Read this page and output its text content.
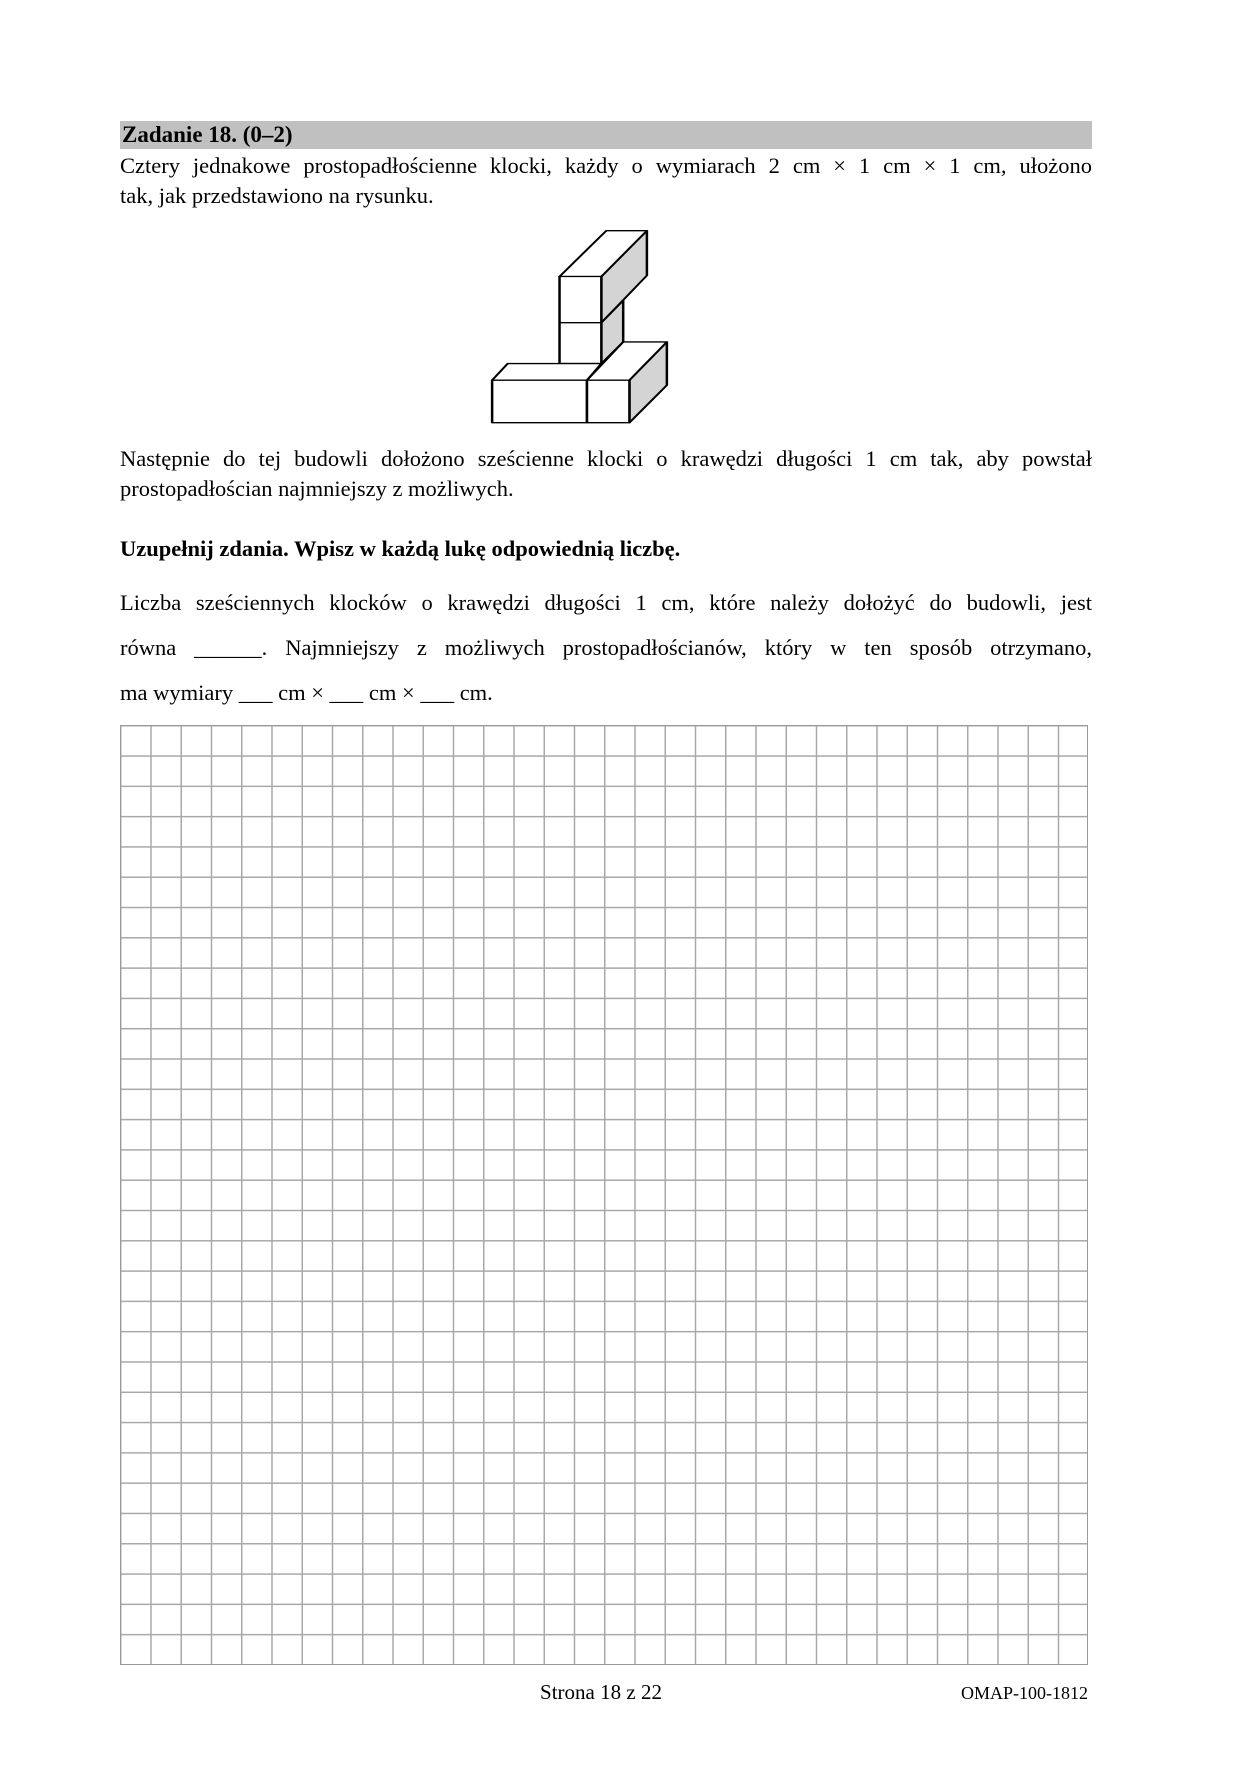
Zadanie 18. (0–2)
Cztery jednakowe prostopadłościenne klocki, każdy o wymiarach 2 cm × 1 cm × 1 cm, ułożono
tak, jak przedstawiono na rysunku.
Następnie do tej budowli dołożono sześcienne klocki o krawędzi długości 1 cm tak, aby powstał
prostopadłościan najmniejszy z możliwych.
Uzupełnij zdania. Wpisz w każdą lukę odpowiednią liczbę.
Liczba sześciennych klocków o krawędzi długości 1 cm, które należy dołożyć do budowli, jest
równa ______. Najmniejszy z możliwych prostopadłościanów, który w ten sposób otrzymano,
ma wymiary ___ cm × ___ cm × ___ cm.
Strona 18 z 22	OMAP-100-1812
